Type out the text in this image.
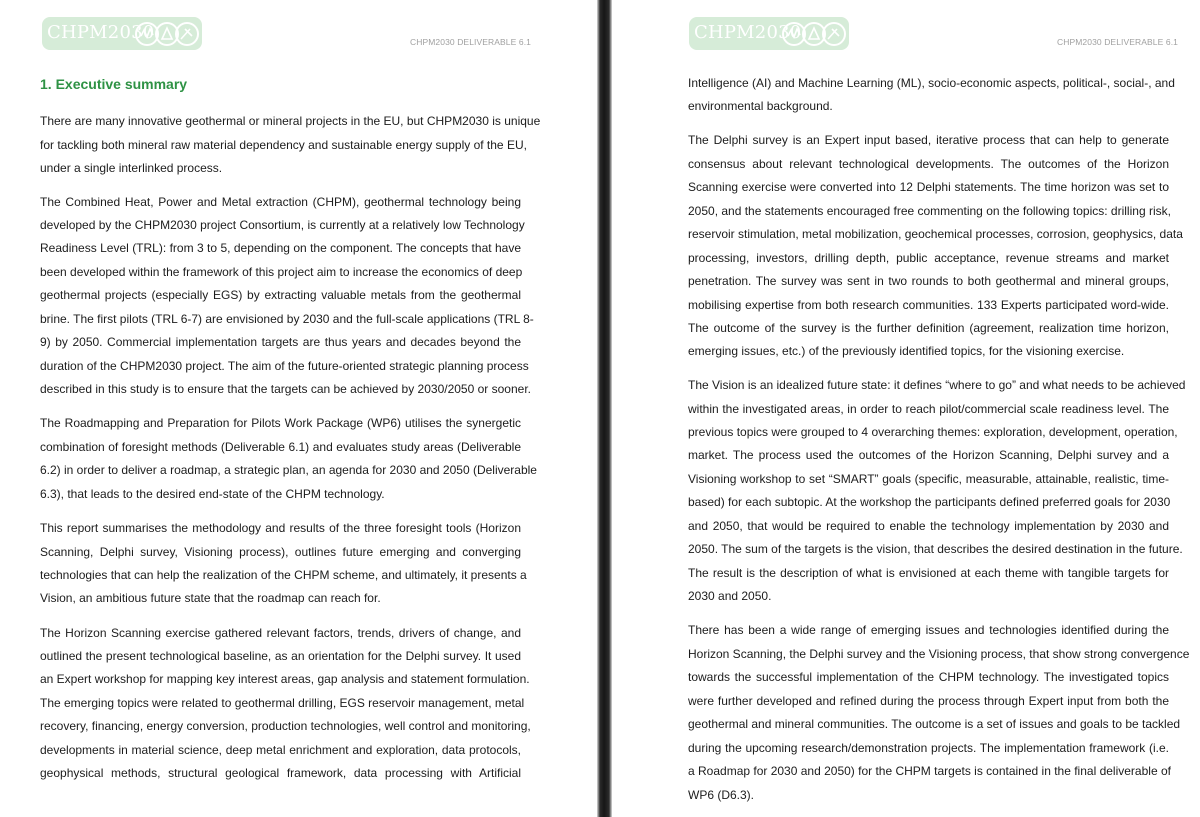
CHPM2030	CHPM2030 DELIVERABLE 6.1
1. Executive summary
There are many innovative geothermal or mineral projects in the EU, but CHPM2030 is unique
for tackling both mineral raw material dependency and sustainable energy supply of the EU,
under a single interlinked process.
The Combined Heat, Power and Metal extraction (CHPM), geothermal technology being
developed by the CHPM2030 project Consortium, is currently at a relatively low Technology
Readiness Level (TRL): from 3 to 5, depending on the component. The concepts that have
been developed within the framework of this project aim to increase the economics of deep
geothermal projects (especially EGS) by extracting valuable metals from the geothermal
brine. The first pilots (TRL 6-7) are envisioned by 2030 and the full-scale applications (TRL 8-
9) by 2050. Commercial implementation targets are thus years and decades beyond the
duration of the CHPM2030 project. The aim of the future-oriented strategic planning process
described in this study is to ensure that the targets can be achieved by 2030/2050 or sooner.
The Roadmapping and Preparation for Pilots Work Package (WP6) utilises the synergetic
combination of foresight methods (Deliverable 6.1) and evaluates study areas (Deliverable
6.2) in order to deliver a roadmap, a strategic plan, an agenda for 2030 and 2050 (Deliverable
6.3), that leads to the desired end-state of the CHPM technology.
This report summarises the methodology and results of the three foresight tools (Horizon
Scanning, Delphi survey, Visioning process), outlines future emerging and converging
technologies that can help the realization of the CHPM scheme, and ultimately, it presents a
Vision, an ambitious future state that the roadmap can reach for.
The Horizon Scanning exercise gathered relevant factors, trends, drivers of change, and
outlined the present technological baseline, as an orientation for the Delphi survey. It used
an Expert workshop for mapping key interest areas, gap analysis and statement formulation.
The emerging topics were related to geothermal drilling, EGS reservoir management, metal
recovery, financing, energy conversion, production technologies, well control and monitoring,
developments in material science, deep metal enrichment and exploration, data protocols,
geophysical methods, structural geological framework, data processing with Artificial
CHPM2030	CHPM2030 DELIVERABLE 6.1
Intelligence (AI) and Machine Learning (ML), socio-economic aspects, political-, social-, and
environmental background.
The Delphi survey is an Expert input based, iterative process that can help to generate
consensus about relevant technological developments. The outcomes of the Horizon
Scanning exercise were converted into 12 Delphi statements. The time horizon was set to
2050, and the statements encouraged free commenting on the following topics: drilling risk,
reservoir stimulation, metal mobilization, geochemical processes, corrosion, geophysics, data
processing, investors, drilling depth, public acceptance, revenue streams and market
penetration. The survey was sent in two rounds to both geothermal and mineral groups,
mobilising expertise from both research communities. 133 Experts participated word-wide.
The outcome of the survey is the further definition (agreement, realization time horizon,
emerging issues, etc.) of the previously identified topics, for the visioning exercise.
The Vision is an idealized future state: it defines “where to go” and what needs to be achieved
within the investigated areas, in order to reach pilot/commercial scale readiness level. The
previous topics were grouped to 4 overarching themes: exploration, development, operation,
market. The process used the outcomes of the Horizon Scanning, Delphi survey and a
Visioning workshop to set “SMART” goals (specific, measurable, attainable, realistic, time-
based) for each subtopic. At the workshop the participants defined preferred goals for 2030
and 2050, that would be required to enable the technology implementation by 2030 and
2050. The sum of the targets is the vision, that describes the desired destination in the future.
The result is the description of what is envisioned at each theme with tangible targets for
2030 and 2050.
There has been a wide range of emerging issues and technologies identified during the
Horizon Scanning, the Delphi survey and the Visioning process, that show strong convergence
towards the successful implementation of the CHPM technology. The investigated topics
were further developed and refined during the process through Expert input from both the
geothermal and mineral communities. The outcome is a set of issues and goals to be tackled
during the upcoming research/demonstration projects. The implementation framework (i.e.
a Roadmap for 2030 and 2050) for the CHPM targets is contained in the final deliverable of
WP6 (D6.3).
